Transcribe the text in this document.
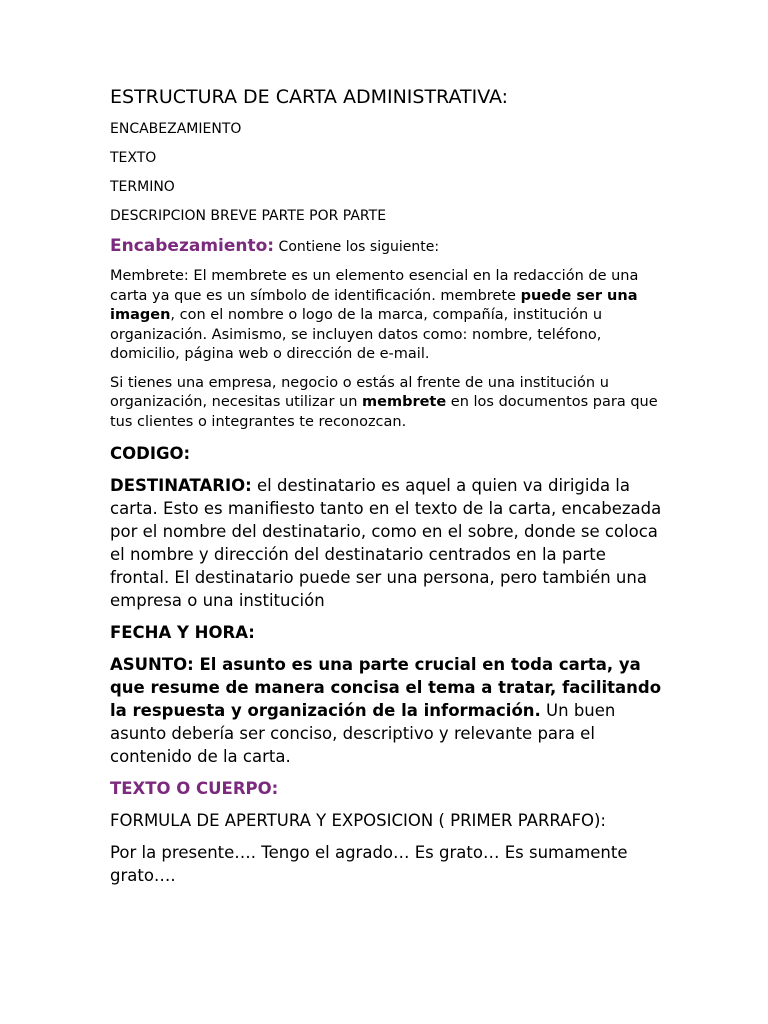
ESTRUCTURA DE CARTA ADMINISTRATIVA:

ENCABEZAMIENTO

TEXTO

TERMINO

DESCRIPCION BREVE PARTE POR PARTE

Encabezamiento: Contiene los siguiente:

Membrete: El membrete es un elemento esencial en la redacción de una carta ya que es un símbolo de identificación. membrete puede ser una imagen, con el nombre o logo de la marca, compañía, institución u organización. Asimismo, se incluyen datos como: nombre, teléfono, domicilio, página web o dirección de e-mail.

Si tienes una empresa, negocio o estás al frente de una institución u organización, necesitas utilizar un membrete en los documentos para que tus clientes o integrantes te reconozcan.

CODIGO:

DESTINATARIO: el destinatario es aquel a quien va dirigida la carta. Esto es manifiesto tanto en el texto de la carta, encabezada por el nombre del destinatario, como en el sobre, donde se coloca el nombre y dirección del destinatario centrados en la parte frontal. El destinatario puede ser una persona, pero también una empresa o una institución

FECHA Y HORA:

ASUNTO: El asunto es una parte crucial en toda carta, ya que resume de manera concisa el tema a tratar, facilitando la respuesta y organización de la información. Un buen asunto debería ser conciso, descriptivo y relevante para el contenido de la carta.

TEXTO O CUERPO:

FORMULA DE APERTURA Y EXPOSICION ( PRIMER PARRAFO):

Por la presente…. Tengo el agrado… Es grato… Es sumamente grato….
